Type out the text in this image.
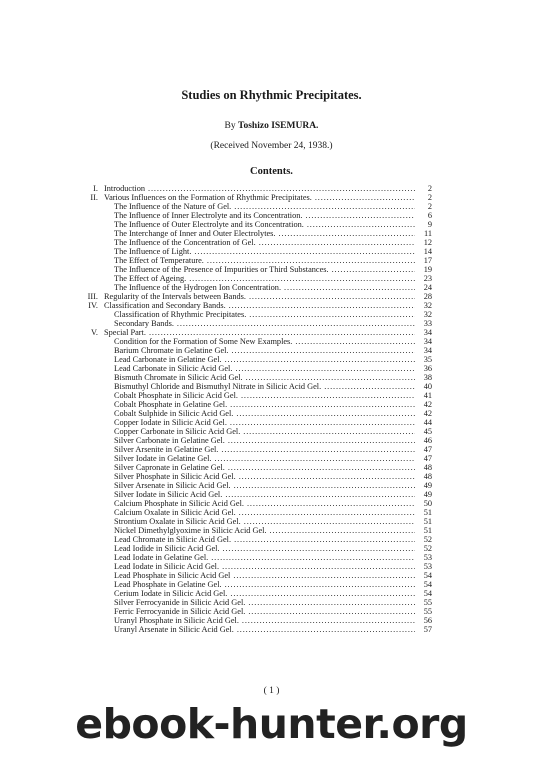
Studies on Rhythmic Precipitates.
By Toshizo ISEMURA.
(Received November 24, 1938.)
Contents.
I. Introduction . . .	2
II. Various Influences on the Formation of Rhythmic Precipitates. . . .	2
The Influence of the Nature of Gel. . . .	2
The Influence of Inner Electrolyte and its Concentration. . . .	6
The Influence of Outer Electrolyte and its Concentration. . . .	9
The Interchange of Inner and Outer Electrolytes. . . .	11
The Influence of the Concentration of Gel. . . .	12
The Influence of Light. . . .	14
The Effect of Temperature. . . .	17
The Influence of the Presence of Impurities or Third Substances. . . .	19
The Effect of Ageing. . . .	23
The Influence of the Hydrogen Ion Concentration. . . .	24
III. Regularity of the Intervals between Bands. . . .	28
IV. Classification and Secondary Bands. . . .	32
Classification of Rhythmic Precipitates. . . .	32
Secondary Bands. . . .	33
V. Special Part. . . .	34
Condition for the Formation of Some New Examples. . . .	34
Barium Chromate in Gelatine Gel. . . .	34
Lead Carbonate in Gelatine Gel. . . .	35
Lead Carbonate in Silicic Acid Gel. . . .	36
Bismuth Chromate in Silicic Acid Gel. . . .	38
Bismuthyl Chloride and Bismuthyl Nitrate in Silicic Acid Gel. . . .	40
Cobalt Phosphate in Silicic Acid Gel. . . .	41
Cobalt Phosphate in Gelatine Gel. . . .	42
Cobalt Sulphide in Silicic Acid Gel. . . .	42
Copper Iodate in Silicic Acid Gel. . . .	44
Copper Carbonate in Silicic Acid Gel. . . .	45
Silver Carbonate in Gelatine Gel. . . .	46
Silver Arsenite in Gelatine Gel. . . .	47
Silver Iodate in Gelatine Gel. . . .	47
Silver Capronate in Gelatine Gel. . . .	48
Silver Phosphate in Silicic Acid Gel. . . .	48
Silver Arsenate in Silicic Acid Gel. . . .	49
Silver Iodate in Silicic Acid Gel. . . .	49
Calcium Phosphate in Silicic Acid Gel. . . .	50
Calcium Oxalate in Silicic Acid Gel. . . .	51
Strontium Oxalate in Silicic Acid Gel. . . .	51
Nickel Dimethylglyoxime in Silicic Acid Gel. . . .	51
Lead Chromate in Silicic Acid Gel. . . .	52
Lead Iodide in Silicic Acid Gel. . . .	52
Lead Iodate in Gelatine Gel. . . .	53
Lead Iodate in Silicic Acid Gel. . . .	53
Lead Phosphate in Silicic Acid Gel . . .	54
Lead Phosphate in Gelatine Gel. . . .	54
Cerium Iodate in Silicic Acid Gel. . . .	54
Silver Ferrocyanide in Silicic Acid Gel. . . .	55
Ferric Ferrocyanide in Silicic Acid Gel. . . .	55
Uranyl Phosphate in Silicic Acid Gel. . . .	56
Uranyl Arsenate in Silicic Acid Gel. . . .	57
( 1 )
ebook-hunter.org
